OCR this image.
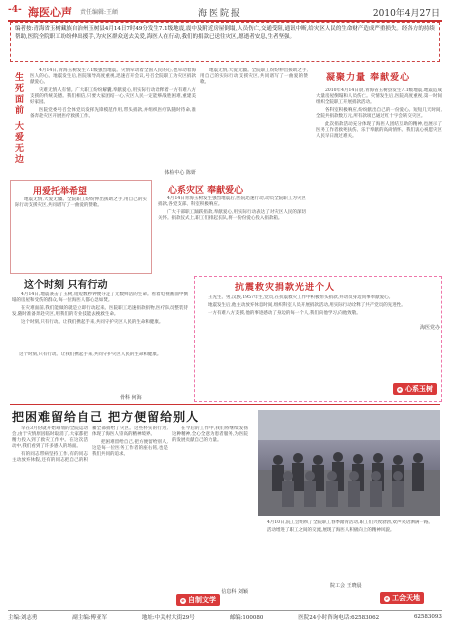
-4- 海医心声 责任编辑:王頔	海医院报	2010年4月27日
编者按:青海省玉树藏族自治州玉树县4月14日7时49分发生7.1级地震,震中及附近房屋倒塌,人员伤亡,交通受阻,通讯中断,给灾区人民的生命财产造成严重损失。经各方的持续帮助,医院全院职工纷纷伸出援手,为灾区群众送去关爱,海医人在行动,我们的捐款已送往灾区,愿逝者安息,生者坚强。
生死面前 大爱无边

4月14日,青海玉树发生7.1级强烈地震。灾情牵动着全国人民的心,也牵动着海医人的心。地震发生后,医院领导高度重视,迅速召开会议,号召全院职工为灾区捐款献爱心。

灾难无情人有情。广大职工纷纷解囊,奉献爱心,用实际行动诠释着一方有难八方支援的传统美德。我们相信,只要大家团结一心,灾区人民一定能够战胜困难,重建美好家园。

医院党委号召全体党员发挥先锋模范作用,带头捐款,并组织医疗队随时待命,准备奔赴灾区开展医疗救援工作。

体检中心 陈妍
凝聚力量 奉献爱心

2010年4月14日晨,青海省玉树县发生7.1级地震,地震造成大量房屋倒塌和人员伤亡。灾情发生后,医院高度重视,第一时间组织全院职工开展捐款活动。

各科室积极响应,纷纷献出自己的一份爱心。短短几天时间,全院共捐款数万元,所有款项已通过红十字会转交灾区。

此次捐款活动充分体现了海医人团结互助的精神,也展示了医务工作者救死扶伤、乐于奉献的高尚情怀。我们衷心祝愿灾区人民早日渡过难关。

海医党办

地震无情,大爱无疆。全院职工纷纷伸出援助之手,用自己的实际行动支援灾区,共同谱写了一曲爱的赞歌。

用爱托举希望

地震无情,大爱无疆。全院职工纷纷伸出援助之手,用自己的实际行动支援灾区,共同谱写了一曲爱的赞歌。

心系灾区 奉献爱心

4月14日青海玉树发生强烈地震后,医院迅速行动,动员全院职工为灾区捐款,各党支部、科室积极响应。

广大干部职工踊跃捐款,奉献爱心,用实际行动表达了对灾区人民的深切关怀。捐款仪式上,职工们排起长队,将一份份爱心投入捐款箱。

这个时刻 只有行动

4月14日,地震袭击了玉树,短短数秒钟便夺走了无数鲜活的生命。看着电视画面中倒塌的房屋和受伤的群众,每一位海医人都心急如焚。

在灾难面前,我们能做的就是立即行动起来。医院职工迅速捐款捐物,医疗队员整装待发,随时准备奔赴灾区,用我们的专业技能去挽救生命。

这个时刻,只有行动。让我们携起手来,共同守护灾区人民的生命和健康。

这个时刻,只有行动。让我们携起手来,共同守护灾区人民的生命和健康。

骨科 何海
抗震救灾捐款光进个人

王先生、男,汉族,1957年生,党员,在抗震救灾工作中积极带头捐款,并动员身边同事奉献爱心。

地震发生后,他主动放弃休息时间,组织科室人员开展捐款活动,用实际行动诠释了共产党员的先进性。

一方有难八方支援,他的事迹感动了身边的每一个人,我们向他学习,向他致敬。

e 心系玉树
把困难留给自己 把方便留给别人

早在3月份就开始筹划的全院运动会,由于灾情原因临时取消了,大家都把精力投入到了救灾工作中。在这次活动中,我们看到了许多感人的场面。

有的同志带病坚持工作,有的同志主动放弃休假,还有的同志把自己的积蓄全部捐给了灾区。这些朴实的行为,体现了海医人崇高的精神境界。

把困难留给自己,把方便留给别人,这是每一位医务工作者的座右铭,也是我们共同的追求。

在今后的工作中,我们将继续发扬这种精神,全心全意为患者服务,为医院的发展贡献自己的力量。

信息科 刘颖
e 自制文学

4月10日,院工会组织了全院职工春季踏青活动,职工们兴致勃勃,欢声笑语洒满一路。

活动增进了职工之间的交流,展现了海医人积极向上的精神风貌。

院工会 王晓晨
e 工会天地
主编:刘志勇	副主编:傅亚军	地址:中关村大街29号	邮编:100080	医院24小时咨询电话:62583062	62583093
